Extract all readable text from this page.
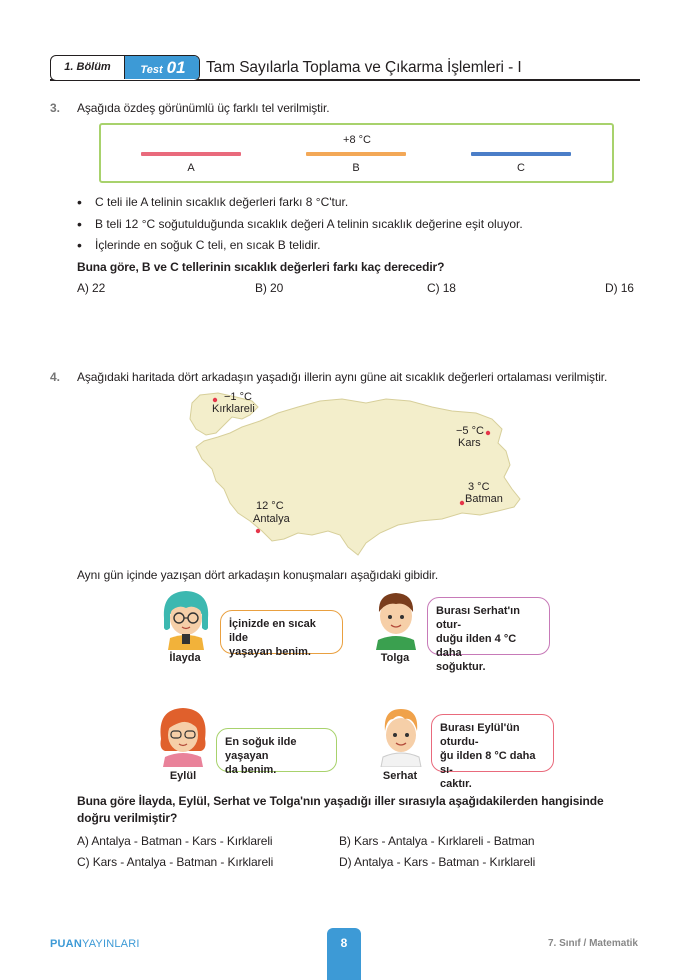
1. Bölüm	Test 01	Tam Sayılarla Toplama ve Çıkarma İşlemleri - I
3. Aşağıda özdeş görünümlü üç farklı tel verilmiştir.
+8 °C
A	B	C
• C teli ile A telinin sıcaklık değerleri farkı 8 °C'tur.
• B teli 12 °C soğutulduğunda sıcaklık değeri A telinin sıcaklık değerine eşit oluyor.
• İçlerinde en soğuk C teli, en sıcak B telidir.
Buna göre, B ve C tellerinin sıcaklık değerleri farkı kaç derecedir?
A) 22	B) 20	C) 18	D) 16
4. Aşağıdaki haritada dört arkadaşın yaşadığı illerin aynı güne ait sıcaklık değerleri ortalaması verilmiştir.
−1 °C
Kırklareli
−5 °C
Kars
3 °C
Batman
12 °C
Antalya
Aynı gün içinde yazışan dört arkadaşın konuşmaları aşağıdaki gibidir.
İlayda
İçinizde en sıcak ilde
yaşayan benim.	Tolga
Burası Serhat'ın otur-
duğu ilden 4 °C daha
soğuktur.
Eylül
En soğuk ilde yaşayan
da benim.	Serhat
Burası Eylül'ün oturdu-
ğu ilden 8 °C daha sı-
caktır.
Buna göre İlayda, Eylül, Serhat ve Tolga'nın yaşadığı iller sırasıyla aşağıdakilerden hangisinde
doğru verilmiştir?
A) Antalya - Batman - Kars - Kırklareli	B) Kars - Antalya - Kırklareli - Batman
C) Kars - Antalya - Batman - Kırklareli	D) Antalya - Kars - Batman - Kırklareli
PUANYAYINLARI	8	7. Sınıf / Matematik
